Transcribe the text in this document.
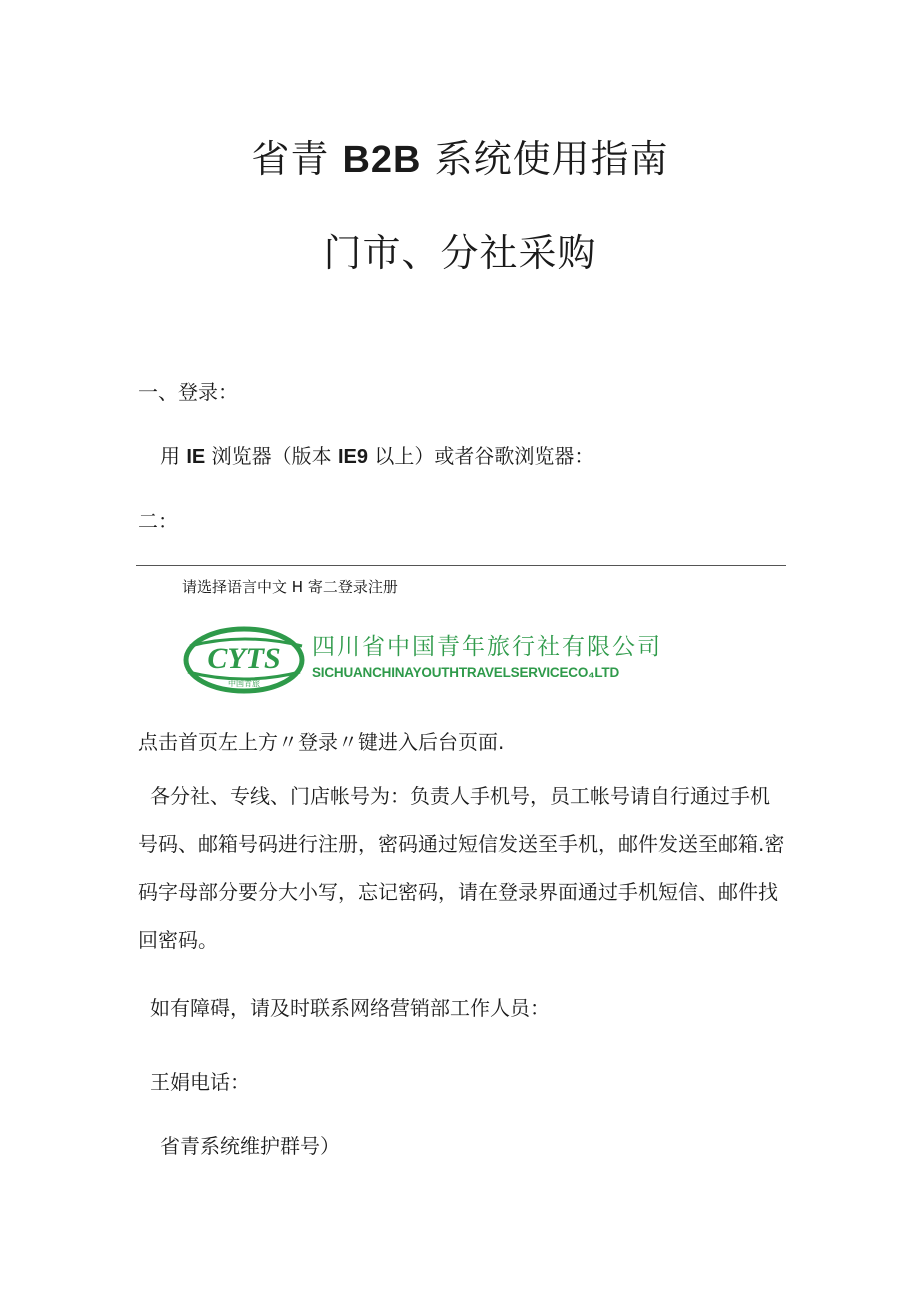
省青 B2B 系统使用指南
门市、分社采购
一、登录：
用 IE 浏览器（版本 IE9 以上）或者谷歌浏览器：
二：
请选择语言中文 H 寄二登录注册
CYTS
中国青旅
四川省中国青年旅行社有限公司
SICHUANCHINAYOUTHTRAVELSERVICECO₄LTD
点击首页左上方〃登录〃键进入后台页面.
各分社、专线、门店帐号为：负责人手机号，员工帐号请自行通过手机号码、邮箱号码进行注册，密码通过短信发送至手机，邮件发送至邮箱.密码字母部分要分大小写，忘记密码，请在登录界面通过手机短信、邮件找回密码。
如有障碍，请及时联系网络营销部工作人员：
王娟电话：
省青系统维护群号）
